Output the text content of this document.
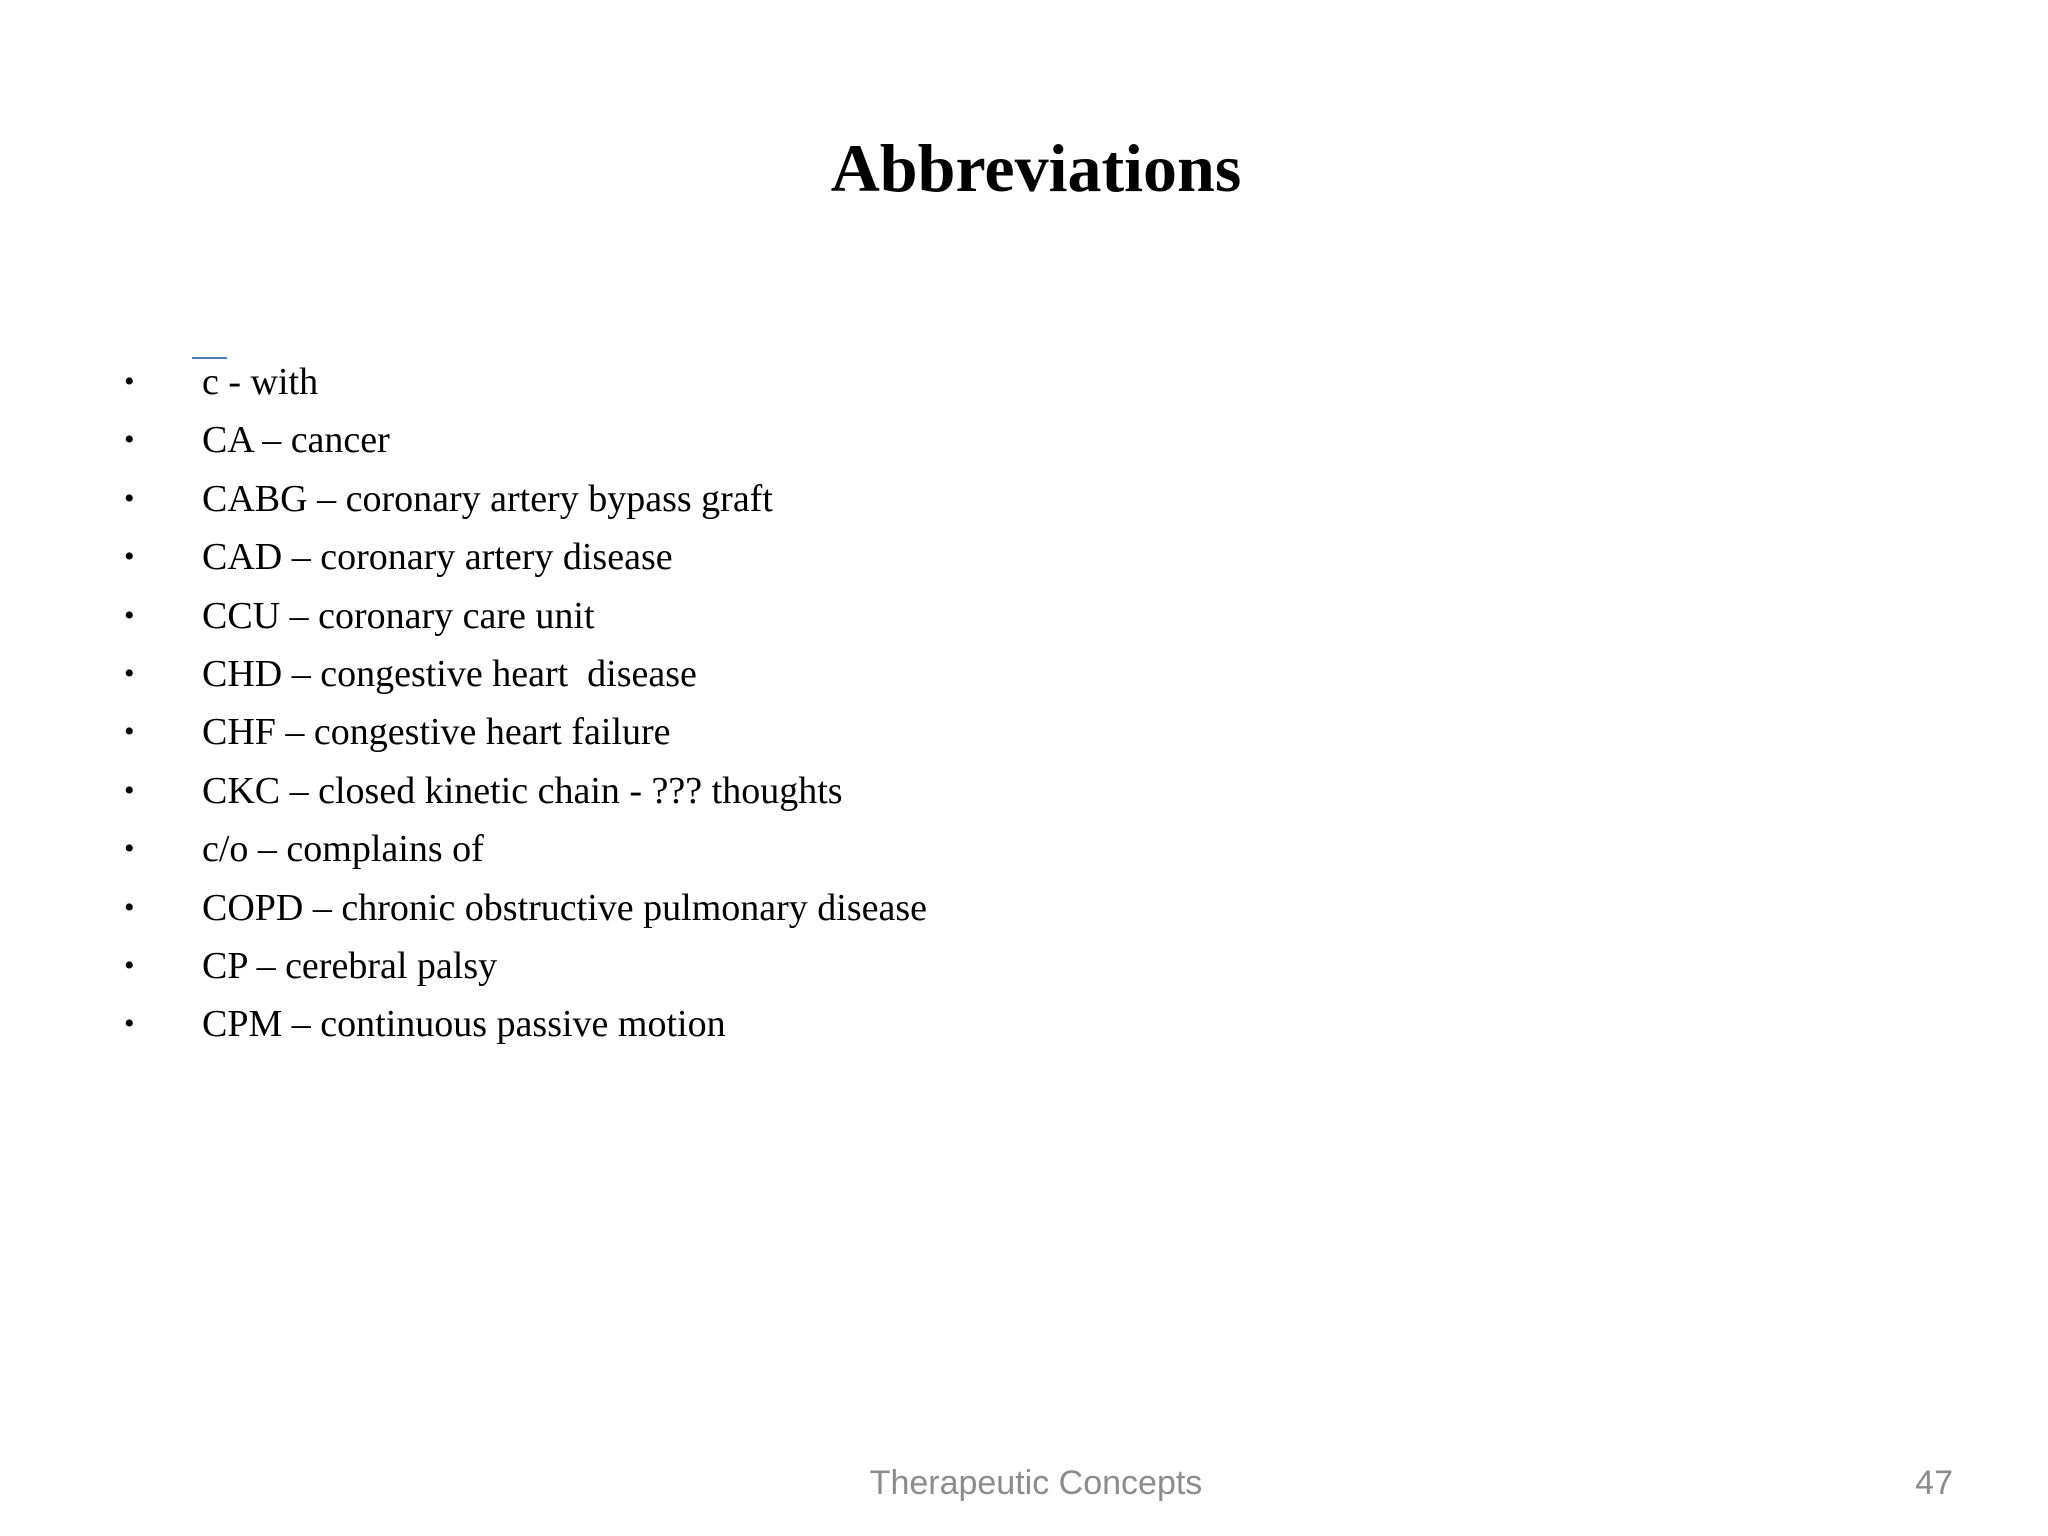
Abbreviations

•

c - with

•

CA – cancer

•

CABG – coronary artery bypass graft

•

CAD – coronary artery disease

•

CCU – coronary care unit

•

CHD – congestive heart  disease

•

CHF – congestive heart failure

•

CKC – closed kinetic chain - ??? thoughts

•

c/o – complains of

•

COPD – chronic obstructive pulmonary disease

•

CP – cerebral palsy

•

CPM – continuous passive motion

Therapeutic Concepts	47
